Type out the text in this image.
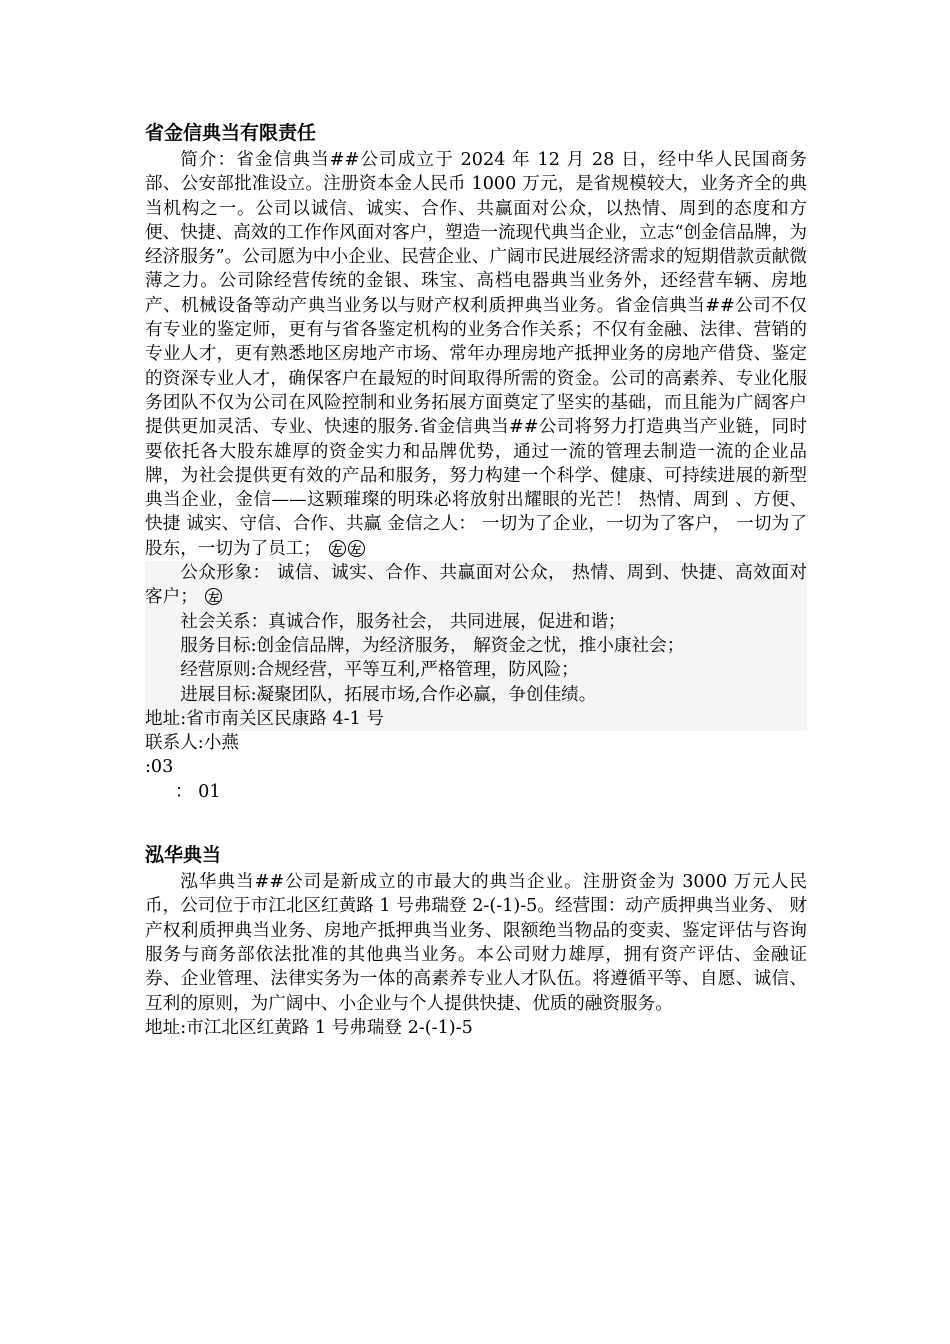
省金信典当有限责任

简介：省金信典当##公司成立于 2024 年 12 月 28 日，经中华人民国商务部、公安部批准设立。注册资本金人民币 1000 万元，是省规模较大，业务齐全的典当机构之一。公司以诚信、诚实、合作、共赢面对公众，以热情、周到的态度和方便、快捷、高效的工作作风面对客户，塑造一流现代典当企业，立志“创金信品牌，为经济服务”。公司愿为中小企业、民营企业、广阔市民进展经济需求的短期借款贡献微薄之力。公司除经营传统的金银、珠宝、高档电器典当业务外，还经营车辆、房地产、机械设备等动产典当业务以与财产权利质押典当业务。省金信典当##公司不仅有专业的鉴定师，更有与省各鉴定机构的业务合作关系；不仅有金融、法律、营销的专业人才，更有熟悉地区房地产市场、常年办理房地产抵押业务的房地产借贷、鉴定的资深专业人才，确保客户在最短的时间取得所需的资金。公司的高素养、专业化服务团队不仅为公司在风险控制和业务拓展方面奠定了坚实的基础，而且能为广阔客户提供更加灵活、专业、快速的服务.省金信典当##公司将努力打造典当产业链，同时要依托各大股东雄厚的资金实力和品牌优势，通过一流的管理去制造一流的企业品牌，为社会提供更有效的产品和服务，努力构建一个科学、健康、可持续进展的新型典当企业，金信——这颗璀璨的明珠必将放射出耀眼的光芒！ 热情、周到 、方便、快捷 诚实、守信、合作、共赢 金信之人： 一切为了企业，一切为了客户， 一切为了股东，一切为了员工； 左 左

公众形象： 诚信、诚实、合作、共赢面对公众， 热情、周到、快捷、高效面对客户； 左

社会关系：真诚合作，服务社会， 共同进展，促进和谐；

服务目标:创金信品牌，为经济服务， 解资金之忧，推小康社会；

经营原则:合规经营，平等互利,严格管理，防风险；

进展目标:凝聚团队，拓展市场,合作必赢，争创佳绩。

地址:省市南关区民康路 4-1 号

联系人:小燕

:03

： 01

泓华典当

泓华典当##公司是新成立的市最大的典当企业。注册资金为 3000 万元人民币，公司位于市江北区红黄路 1 号弗瑞登 2-(-1)-5。经营围：动产质押典当业务、 财产权利质押典当业务、房地产抵押典当业务、限额绝当物品的变卖、鉴定评估与咨询服务与商务部依法批准的其他典当业务。本公司财力雄厚，拥有资产评估、金融证券、企业管理、法律实务为一体的高素养专业人才队伍。将遵循平等、自愿、诚信、互利的原则，为广阔中、小企业与个人提供快捷、优质的融资服务。

地址:市江北区红黄路 1 号弗瑞登 2-(-1)-5
